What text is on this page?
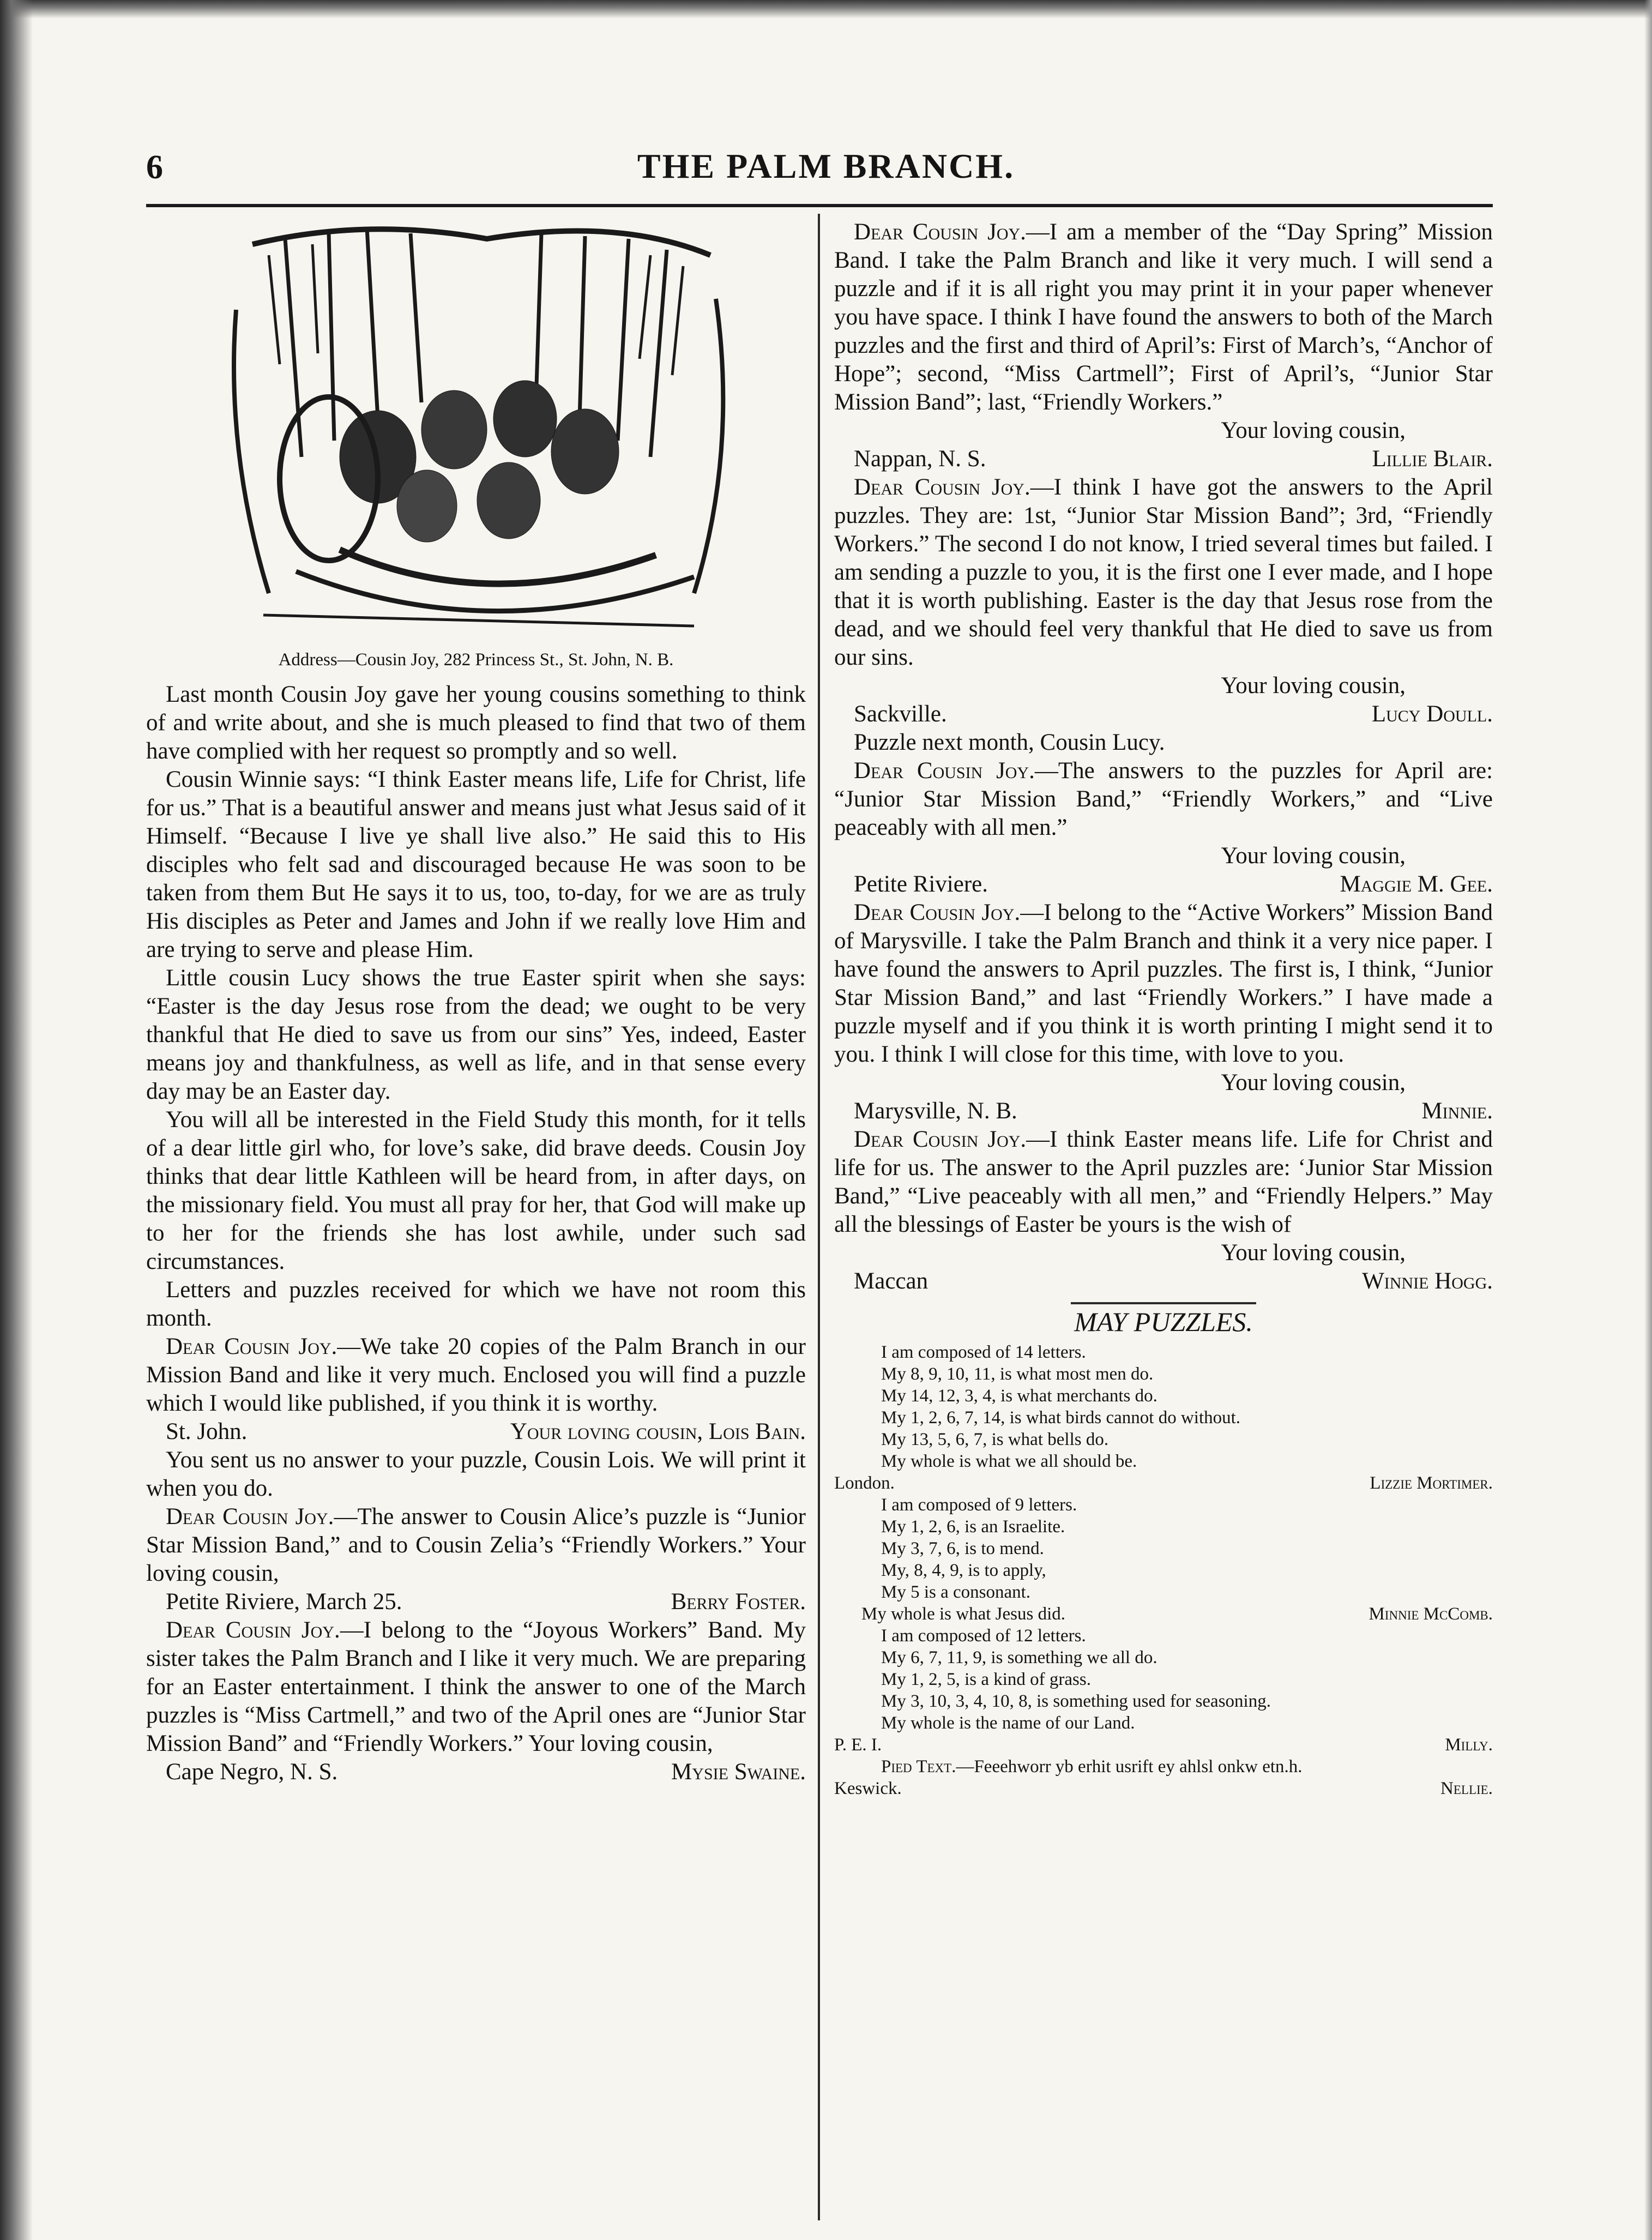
6	THE PALM BRANCH.
Address—Cousin Joy, 282 Princess St., St. John, N. B.

Last month Cousin Joy gave her young cousins something to think of and write about, and she is much pleased to find that two of them have complied with her request so promptly and so well.

Cousin Winnie says: “I think Easter means life, Life for Christ, life for us.” That is a beautiful answer and means just what Jesus said of it Himself. “Because I live ye shall live also.” He said this to His disciples who felt sad and discouraged because He was soon to be taken from them But He says it to us, too, to-day, for we are as truly His disciples as Peter and James and John if we really love Him and are trying to serve and please Him.

Little cousin Lucy shows the true Easter spirit when she says: “Easter is the day Jesus rose from the dead; we ought to be very thankful that He died to save us from our sins” Yes, indeed, Easter means joy and thankfulness, as well as life, and in that sense every day may be an Easter day.

You will all be interested in the Field Study this month, for it tells of a dear little girl who, for love’s sake, did brave deeds. Cousin Joy thinks that dear little Kathleen will be heard from, in after days, on the missionary field. You must all pray for her, that God will make up to her for the friends she has lost awhile, under such sad circumstances.

Letters and puzzles received for which we have not room this month.

Dear Cousin Joy.—We take 20 copies of the Palm Branch in our Mission Band and like it very much. Enclosed you will find a puzzle which I would like published, if you think it is worthy.

St. John.	Your loving cousin, Lois Bain.

You sent us no answer to your puzzle, Cousin Lois. We will print it when you do.

Dear Cousin Joy.—The answer to Cousin Alice’s puzzle is “Junior Star Mission Band,” and to Cousin Zelia’s “Friendly Workers.” Your loving cousin,

Petite Riviere, March 25.	Berry Foster.

Dear Cousin Joy.—I belong to the “Joyous Workers” Band. My sister takes the Palm Branch and I like it very much. We are preparing for an Easter entertainment. I think the answer to one of the March puzzles is “Miss Cartmell,” and two of the April ones are “Junior Star Mission Band” and “Friendly Workers.” Your loving cousin,

Cape Negro, N. S.	Mysie Swaine.

Dear Cousin Joy.—I am a member of the “Day Spring” Mission Band. I take the Palm Branch and like it very much. I will send a puzzle and if it is all right you may print it in your paper whenever you have space. I think I have found the answers to both of the March puzzles and the first and third of April’s: First of March’s, “Anchor of Hope”; second, “Miss Cartmell”; First of April’s, “Junior Star Mission Band”; last, “Friendly Workers.”

Your loving cousin,

Nappan, N. S.	Lillie Blair.

Dear Cousin Joy.—I think I have got the answers to the April puzzles. They are: 1st, “Junior Star Mission Band”; 3rd, “Friendly Workers.” The second I do not know, I tried several times but failed. I am sending a puzzle to you, it is the first one I ever made, and I hope that it is worth publishing. Easter is the day that Jesus rose from the dead, and we should feel very thankful that He died to save us from our sins.

Your loving cousin,

Sackville.	Lucy Doull.

Puzzle next month, Cousin Lucy.

Dear Cousin Joy.—The answers to the puzzles for April are: “Junior Star Mission Band,” “Friendly Workers,” and “Live peaceably with all men.”

Your loving cousin,

Petite Riviere.	Maggie M. Gee.

Dear Cousin Joy.—I belong to the “Active Workers” Mission Band of Marysville. I take the Palm Branch and think it a very nice paper. I have found the answers to April puzzles. The first is, I think, “Junior Star Mission Band,” and last “Friendly Workers.” I have made a puzzle myself and if you think it is worth printing I might send it to you. I think I will close for this time, with love to you.

Your loving cousin,

Marysville, N. B.	Minnie.

Dear Cousin Joy.—I think Easter means life. Life for Christ and life for us. The answer to the April puzzles are: ‘Junior Star Mission Band,” “Live peaceably with all men,” and “Friendly Helpers.” May all the blessings of Easter be yours is the wish of

Your loving cousin,

Maccan	Winnie Hogg.
MAY PUZZLES.

I am composed of 14 letters.

My 8, 9, 10, 11, is what most men do.

My 14, 12, 3, 4, is what merchants do.

My 1, 2, 6, 7, 14, is what birds cannot do without.

My 13, 5, 6, 7, is what bells do.

My whole is what we all should be.

London.	Lizzie Mortimer.

I am composed of 9 letters.

My 1, 2, 6, is an Israelite.

My 3, 7, 6, is to mend.

My, 8, 4, 9, is to apply,

My 5 is a consonant.

My whole is what Jesus did.	Minnie McComb.

I am composed of 12 letters.

My 6, 7, 11, 9, is something we all do.

My 1, 2, 5, is a kind of grass.

My 3, 10, 3, 4, 10, 8, is something used for seasoning.

My whole is the name of our Land.

P. E. I.	Milly.

Pied Text.—Feeehworr yb erhit usrift ey ahlsl onkw etn.h.

Keswick.	Nellie.
